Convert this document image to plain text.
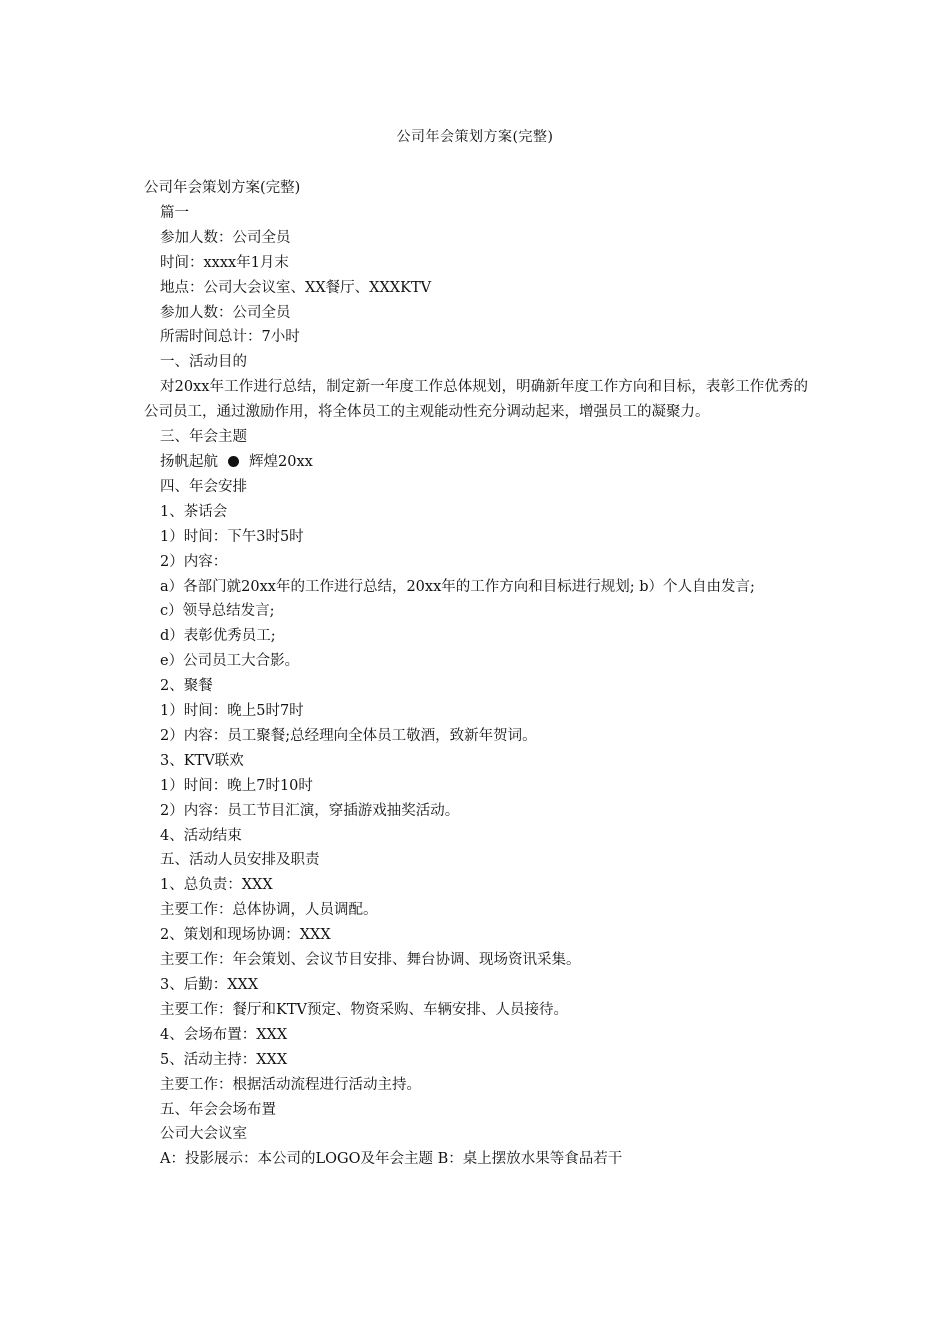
公司年会策划方案(完整)

公司年会策划方案(完整)

篇一

参加人数：公司全员

时间：xxxx年1月末

地点：公司大会议室、XX餐厅、XXXKTV

参加人数：公司全员

所需时间总计：7小时

一、活动目的

对20xx年工作进行总结，制定新一年度工作总体规划，明确新年度工作方向和目标，表彰工作优秀的公司员工，通过激励作用，将全体员工的主观能动性充分调动起来，增强员工的凝聚力。

三、年会主题

扬帆起航 辉煌20xx

四、年会安排

1、茶话会

1）时间：下午3时5时

2）内容：

a）各部门就20xx年的工作进行总结，20xx年的工作方向和目标进行规划; b）个人自由发言;

c）领导总结发言;

d）表彰优秀员工;

e）公司员工大合影。

2、聚餐

1）时间：晚上5时7时

2）内容：员工聚餐;总经理向全体员工敬酒，致新年贺词。

3、KTV联欢

1）时间：晚上7时10时

2）内容：员工节目汇演，穿插游戏抽奖活动。

4、活动结束

五、活动人员安排及职责

1、总负责：XXX

主要工作：总体协调，人员调配。

2、策划和现场协调：XXX

主要工作：年会策划、会议节目安排、舞台协调、现场资讯采集。

3、后勤：XXX

主要工作：餐厅和KTV预定、物资采购、车辆安排、人员接待。

4、会场布置：XXX

5、活动主持：XXX

主要工作：根据活动流程进行活动主持。

五、年会会场布置

公司大会议室

A：投影展示：本公司的LOGO及年会主题 B：桌上摆放水果等食品若干
